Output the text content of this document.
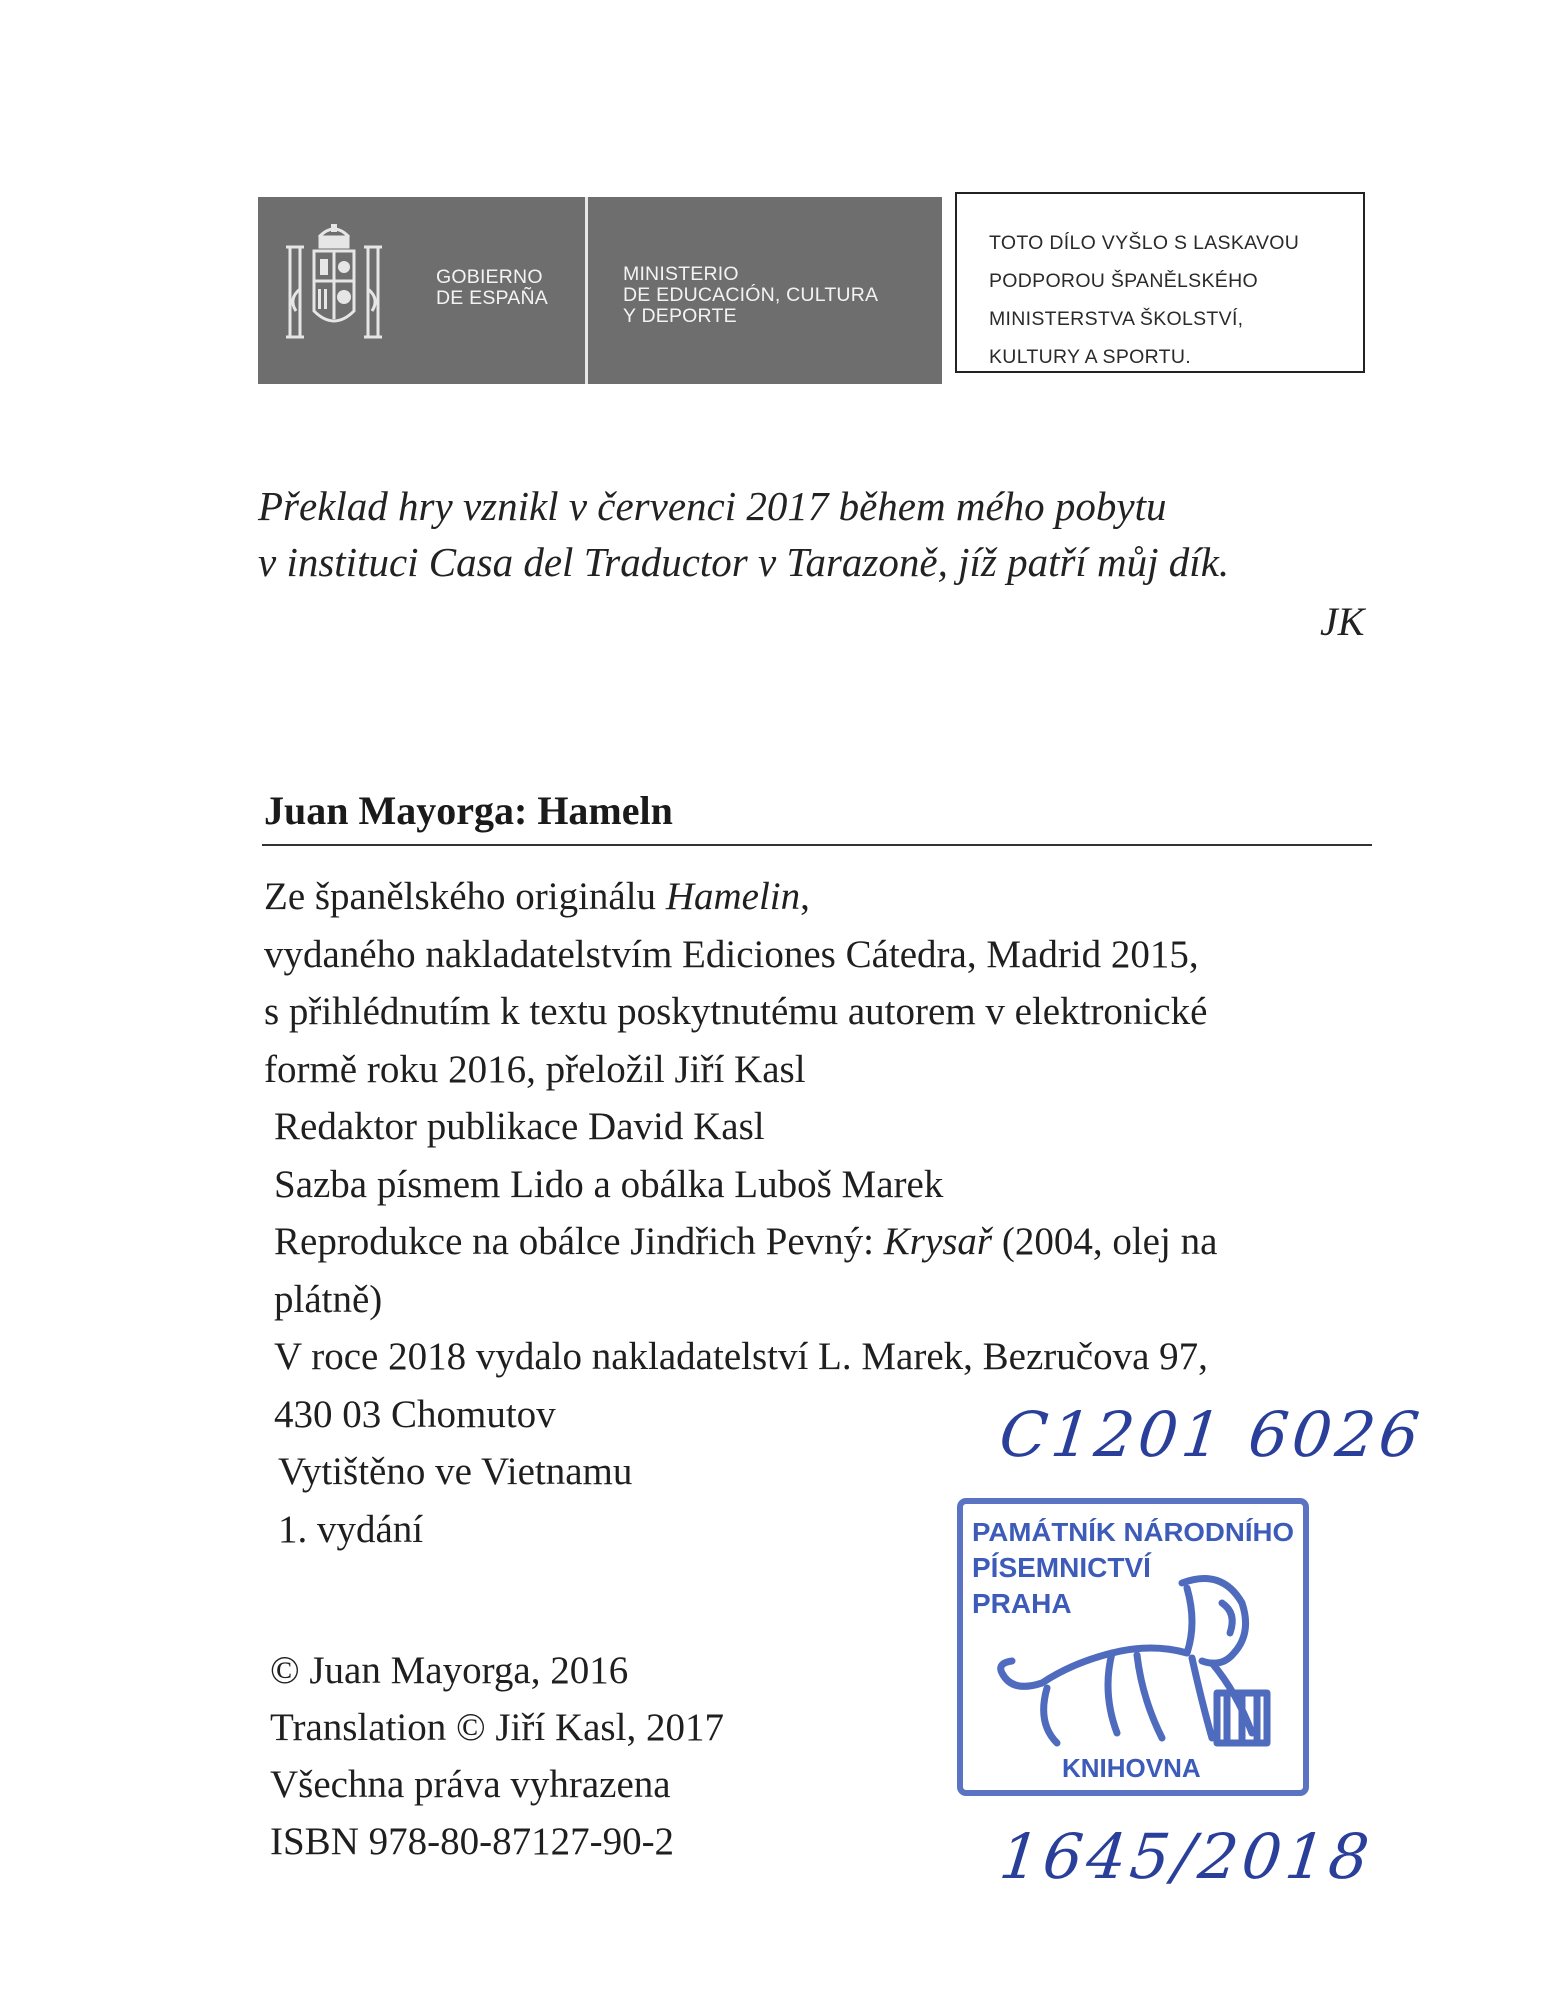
GOBIERNO
DE ESPAÑA
MINISTERIO
DE EDUCACIÓN, CULTURA
Y DEPORTE
TOTO DÍLO VYŠLO S LASKAVOU
PODPOROU ŠPANĚLSKÉHO
MINISTERSTVA ŠKOLSTVÍ,
KULTURY A SPORTU.
Překlad hry vznikl v červenci 2017 během mého pobytu
v instituci Casa del Traductor v Tarazoně, jíž patří můj dík.
JK
Juan Mayorga: Hameln
Ze španělského originálu Hamelin,
vydaného nakladatelstvím Ediciones Cátedra, Madrid 2015,
s přihlédnutím k textu poskytnutému autorem v elektronické
formě roku 2016, přeložil Jiří Kasl
Redaktor publikace David Kasl
Sazba písmem Lido a obálka Luboš Marek
Reprodukce na obálce Jindřich Pevný: Krysař (2004, olej na
plátně)
V roce 2018 vydalo nakladatelství L. Marek, Bezručova 97,
430 03 Chomutov
Vytištěno ve Vietnamu
1. vydání
© Juan Mayorga, 2016
Translation © Jiří Kasl, 2017
Všechna práva vyhrazena
ISBN 978-80-87127-90-2
C1201 6026
PAMÁTNÍK NÁRODNÍHO
PÍSEMNICTVÍ
PRAHA
KNIHOVNA
1645/2018
